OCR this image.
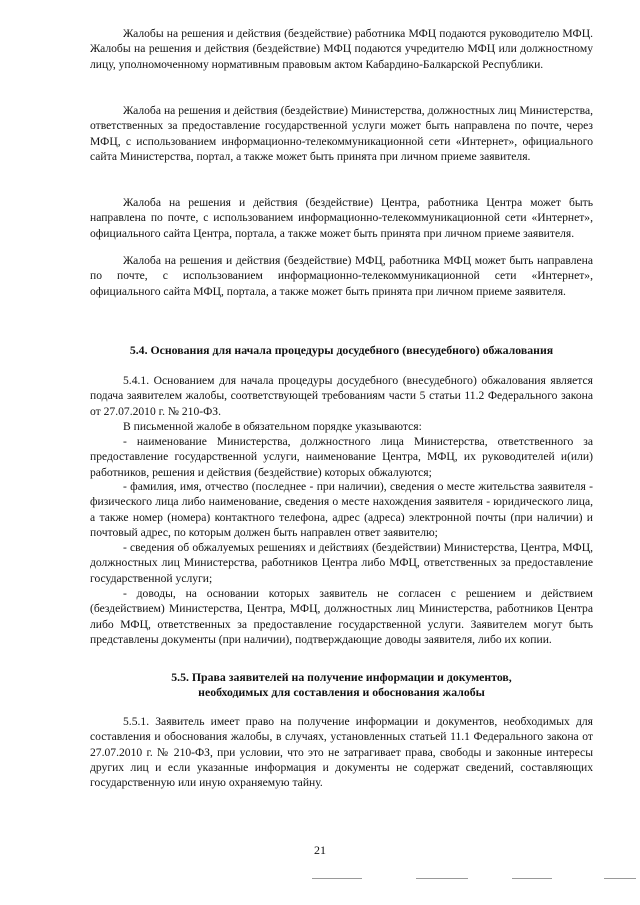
Жалобы на решения и действия (бездействие) работника МФЦ подаются руководителю МФЦ. Жалобы на решения и действия (бездействие) МФЦ подаются учредителю МФЦ или должностному лицу, уполномоченному нормативным правовым актом Кабардино-Балкарской Республики.

Жалоба на решения и действия (бездействие) Министерства, должностных лиц Министерства, ответственных за предоставление государственной услуги может быть направлена по почте, через МФЦ, с использованием информационно-телекоммуникационной сети «Интернет», официального сайта Министерства, портал, а также может быть принята при личном приеме заявителя.

Жалоба на решения и действия (бездействие) Центра, работника Центра может быть направлена по почте, с использованием информационно-телекоммуникационной сети «Интернет», официального сайта Центра, портала, а также может быть принята при личном приеме заявителя.

Жалоба на решения и действия (бездействие) МФЦ, работника МФЦ может быть направлена по почте, с использованием информационно-телекоммуникационной сети «Интернет», официального сайта МФЦ, портала, а также может быть принята при личном приеме заявителя.

5.4. Основания для начала процедуры досудебного (внесудебного) обжалования

5.4.1. Основанием для начала процедуры досудебного (внесудебного) обжалования является подача заявителем жалобы, соответствующей требованиям части 5 статьи 11.2 Федерального закона от 27.07.2010 г. № 210-ФЗ.

В письменной жалобе в обязательном порядке указываются:

- наименование Министерства, должностного лица Министерства, ответственного за предоставление государственной услуги, наименование Центра, МФЦ, их руководителей и(или) работников, решения и действия (бездействие) которых обжалуются;

- фамилия, имя, отчество (последнее - при наличии), сведения о месте жительства заявителя - физического лица либо наименование, сведения о месте нахождения заявителя - юридического лица, а также номер (номера) контактного телефона, адрес (адреса) электронной почты (при наличии) и почтовый адрес, по которым должен быть направлен ответ заявителю;

- сведения об обжалуемых решениях и действиях (бездействии) Министерства, Центра, МФЦ, должностных лиц Министерства, работников Центра либо МФЦ, ответственных за предоставление государственной услуги;

- доводы, на основании которых заявитель не согласен с решением и действием (бездействием) Министерства, Центра, МФЦ, должностных лиц Министерства, работников Центра либо МФЦ, ответственных за предоставление государственной услуги. Заявителем могут быть представлены документы (при наличии), подтверждающие доводы заявителя, либо их копии.

5.5. Права заявителей на получение информации и документов,

необходимых для составления и обоснования жалобы

5.5.1. Заявитель имеет право на получение информации и документов, необходимых для составления и обоснования жалобы, в случаях, установленных статьей 11.1 Федерального закона от 27.07.2010 г. № 210-ФЗ, при условии, что это не затрагивает права, свободы и законные интересы других лиц и если указанные информация и документы не содержат сведений, составляющих государственную или иную охраняемую тайну.

21
